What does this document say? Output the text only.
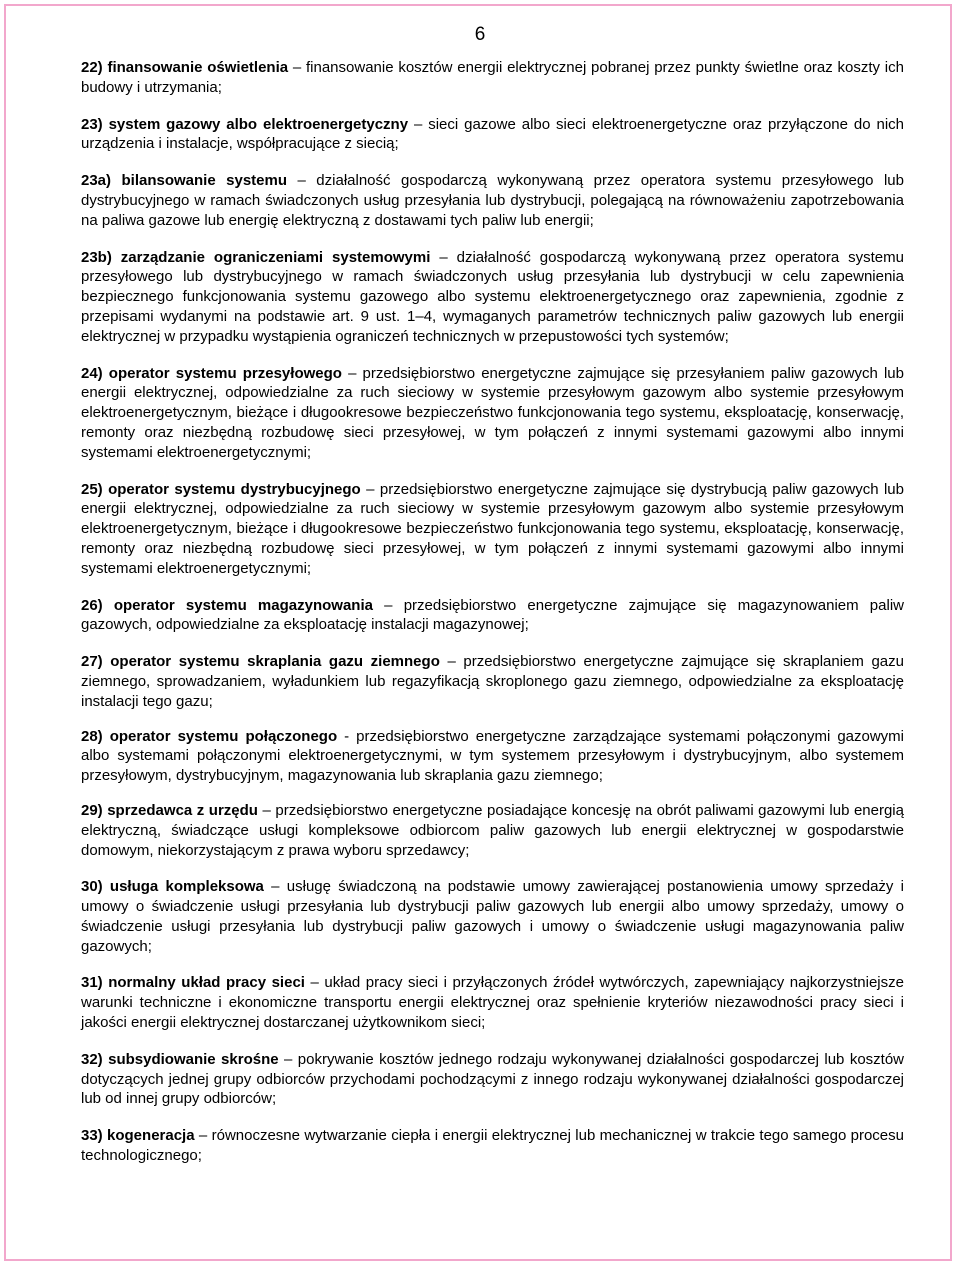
6

22) finansowanie oświetlenia – finansowanie kosztów energii elektrycznej pobranej przez punkty świetlne oraz koszty ich budowy i utrzymania;

23) system gazowy albo elektroenergetyczny – sieci gazowe albo sieci elektroenergetyczne oraz przyłączone do nich urządzenia i instalacje, współpracujące z siecią;

23a) bilansowanie systemu – działalność gospodarczą wykonywaną przez operatora systemu przesyłowego lub dystrybucyjnego w ramach świadczonych usług przesyłania lub dystrybucji, polegającą na równoważeniu zapotrzebowania na paliwa gazowe lub energię elektryczną z dostawami tych paliw lub energii;

23b) zarządzanie ograniczeniami systemowymi – działalność gospodarczą wykonywaną przez operatora systemu przesyłowego lub dystrybucyjnego w ramach świadczonych usług przesyłania lub dystrybucji w celu zapewnienia bezpiecznego funkcjonowania systemu gazowego albo systemu elektroenergetycznego oraz zapewnienia, zgodnie z przepisami wydanymi na podstawie art. 9 ust. 1–4, wymaganych parametrów technicznych paliw gazowych lub energii elektrycznej w przypadku wystąpienia ograniczeń technicznych w przepustowości tych systemów;

24) operator systemu przesyłowego – przedsiębiorstwo energetyczne zajmujące się przesyłaniem paliw gazowych lub energii elektrycznej, odpowiedzialne za ruch sieciowy w systemie przesyłowym gazowym albo systemie przesyłowym elektroenergetycznym, bieżące i długookresowe bezpieczeństwo funkcjonowania tego systemu, eksploatację, konserwację, remonty oraz niezbędną rozbudowę sieci przesyłowej, w tym połączeń z innymi systemami gazowymi albo innymi systemami elektroenergetycznymi;

25) operator systemu dystrybucyjnego – przedsiębiorstwo energetyczne zajmujące się dystrybucją paliw gazowych lub energii elektrycznej, odpowiedzialne za ruch sieciowy w systemie przesyłowym gazowym albo systemie przesyłowym elektroenergetycznym, bieżące i długookresowe bezpieczeństwo funkcjonowania tego systemu, eksploatację, konserwację, remonty oraz niezbędną rozbudowę sieci przesyłowej, w tym połączeń z innymi systemami gazowymi albo innymi systemami elektroenergetycznymi;

26) operator systemu magazynowania – przedsiębiorstwo energetyczne zajmujące się magazynowaniem paliw gazowych, odpowiedzialne za eksploatację instalacji magazynowej;

27) operator systemu skraplania gazu ziemnego – przedsiębiorstwo energetyczne zajmujące się skraplaniem gazu ziemnego, sprowadzaniem, wyładunkiem lub regazyfikacją skroplonego gazu ziemnego, odpowiedzialne za eksploatację instalacji tego gazu;

28) operator systemu połączonego - przedsiębiorstwo energetyczne zarządzające systemami połączonymi gazowymi albo systemami połączonymi elektroenergetycznymi, w tym systemem przesyłowym i dystrybucyjnym, albo systemem przesyłowym, dystrybucyjnym, magazynowania lub skraplania gazu ziemnego;

29) sprzedawca z urzędu – przedsiębiorstwo energetyczne posiadające koncesję na obrót paliwami gazowymi lub energią elektryczną, świadczące usługi kompleksowe odbiorcom paliw gazowych lub energii elektrycznej w gospodarstwie domowym, niekorzystającym z prawa wyboru sprzedawcy;

30) usługa kompleksowa – usługę świadczoną na podstawie umowy zawierającej postanowienia umowy sprzedaży i umowy o świadczenie usługi przesyłania lub dystrybucji paliw gazowych lub energii albo umowy sprzedaży, umowy o świadczenie usługi przesyłania lub dystrybucji paliw gazowych i umowy o świadczenie usługi magazynowania paliw gazowych;

31) normalny układ pracy sieci – układ pracy sieci i przyłączonych źródeł wytwórczych, zapewniający najkorzystniejsze warunki techniczne i ekonomiczne transportu energii elektrycznej oraz spełnienie kryteriów niezawodności pracy sieci i jakości energii elektrycznej dostarczanej użytkownikom sieci;

32) subsydiowanie skrośne – pokrywanie kosztów jednego rodzaju wykonywanej działalności gospodarczej lub kosztów dotyczących jednej grupy odbiorców przychodami pochodzącymi z innego rodzaju wykonywanej działalności gospodarczej lub od innej grupy odbiorców;

33) kogeneracja – równoczesne wytwarzanie ciepła i energii elektrycznej lub mechanicznej w trakcie tego samego procesu technologicznego;
